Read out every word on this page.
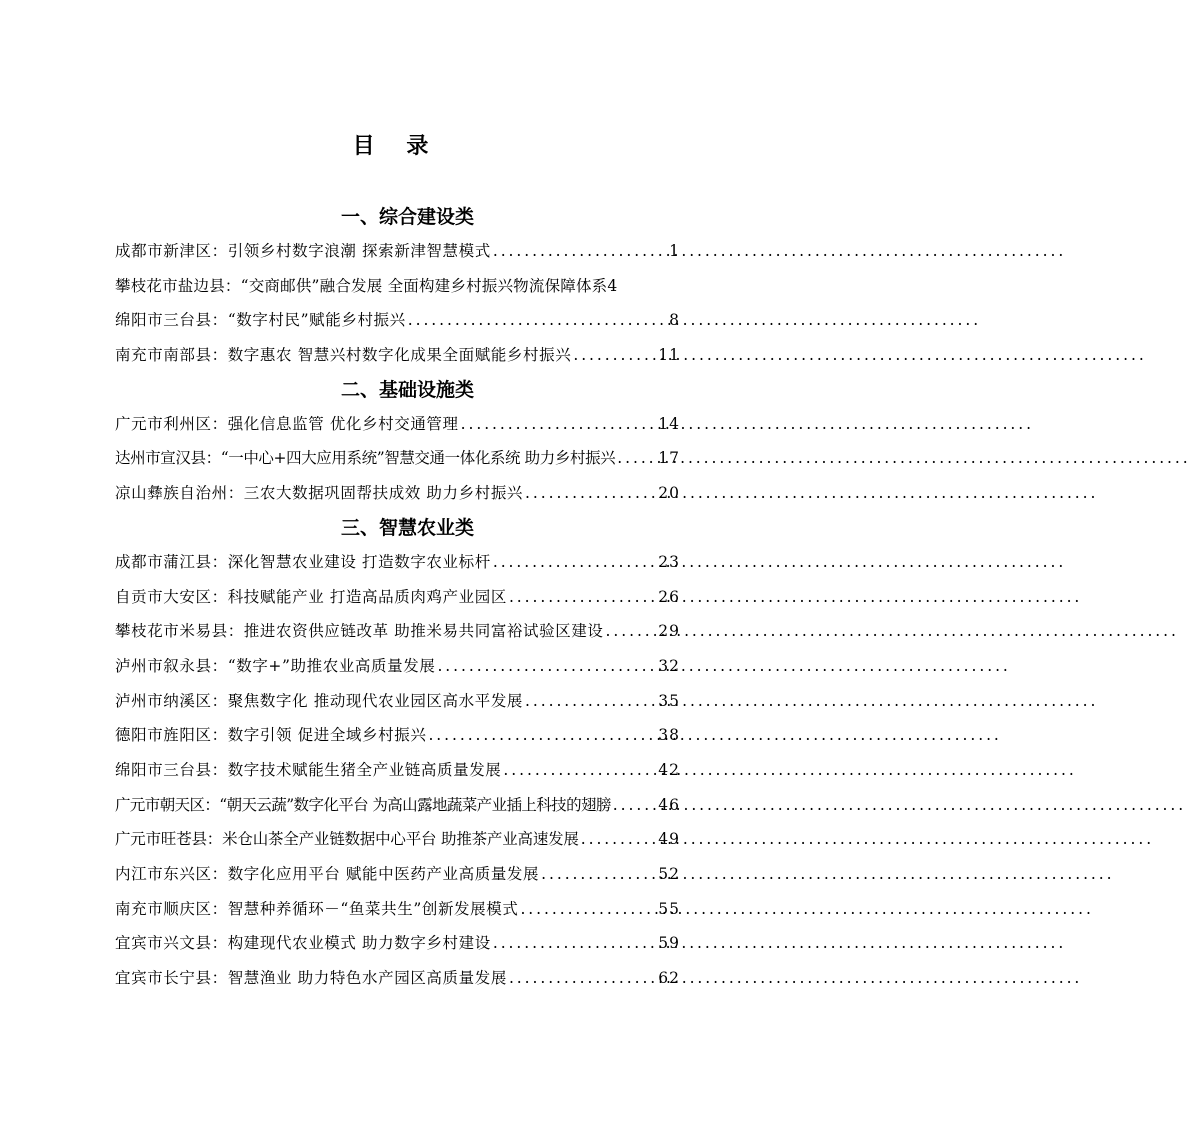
目 录
一、综合建设类
成都市新津区：引领乡村数字浪潮 探索新津智慧模式 . . .	1
攀枝花市盐边县：“交商邮供”融合发展 全面构建乡村振兴物流保障体系 4
绵阳市三台县：“数字村民”赋能乡村振兴 . . .	8
南充市南部县：数字惠农 智慧兴村数字化成果全面赋能乡村振兴 . . .	11
二、基础设施类
广元市利州区：强化信息监管 优化乡村交通管理 . . .	14
达州市宣汉县：“一中心+四大应用系统”智慧交通一体化系统 助力乡村振兴 . . .	17
凉山彝族自治州：三农大数据巩固帮扶成效 助力乡村振兴 . . .	20
三、智慧农业类
成都市蒲江县：深化智慧农业建设 打造数字农业标杆 . . .	23
自贡市大安区：科技赋能产业 打造高品质肉鸡产业园区 . . .	26
攀枝花市米易县：推进农资供应链改革 助推米易共同富裕试验区建设 . . .	29
泸州市叙永县：“数字+”助推农业高质量发展 . . .	32
泸州市纳溪区：聚焦数字化 推动现代农业园区高水平发展 . . .	35
德阳市旌阳区：数字引领 促进全域乡村振兴 . . .	38
绵阳市三台县：数字技术赋能生猪全产业链高质量发展 . . .	42
广元市朝天区：“朝天云蔬”数字化平台 为高山露地蔬菜产业插上科技的翅膀 . . .	46
广元市旺苍县：米仓山茶全产业链数据中心平台 助推茶产业高速发展 . . .	49
内江市东兴区：数字化应用平台 赋能中医药产业高质量发展 . . .	52
南充市顺庆区：智慧种养循环－“鱼菜共生”创新发展模式 . . .	55
宜宾市兴文县：构建现代农业模式 助力数字乡村建设 . . .	59
宜宾市长宁县：智慧渔业 助力特色水产园区高质量发展 . . .	62
